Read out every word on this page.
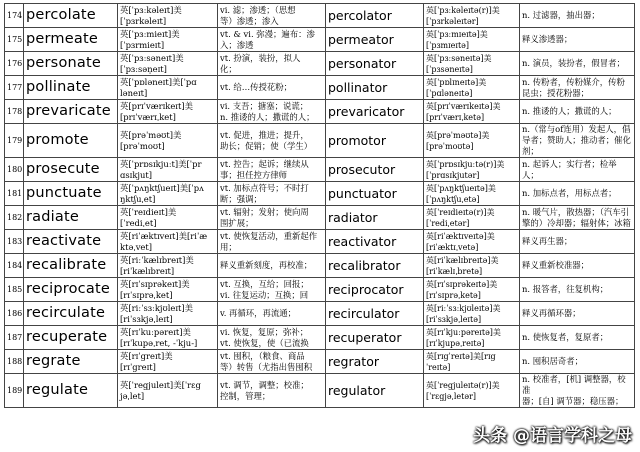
174	percolate	英[ˈpɜːkəleɪt]美
[ˈpɜrkəleɪt]	vi. 滤；渗透；（思想
等）渗透；渗入	percolator	英[ˈpɜːkəleɪtə(r)]美
[ˈpɜrkəleɪtər]	n. 过滤器，抽出器；
175	permeate	英[ˈpɜːmieɪt]美
[ˈpɜrmieɪt]	vt. & vi. 弥漫；遍布：渗
入；渗透	permeator	英[ˈpɜːmɪeɪtə]美
[ˈpɜmɪeɪtə]	释义渗透器；
176	personate	英[ˈpɜːsəneɪt]美
[ˈpɜːsən̩eɪt]	vt. 扮演，装扮，拟人
化；	personator	英[ˈpɜːsəneɪtə]美
[ˈpɜsəneɪtə]	n. 演员，装扮者，假冒者；
177	pollinate	英[ˈpɒləneɪt]美[ˈpɑ
ləneɪt]	vt. 给…传授花粉；	pollinator	英[ˈpɒlɪneɪtə]美
[ˈpɑləneɪtə]	n. 传粉者，传粉媒介，传粉
昆虫；授花粉器；
178	prevaricate	英[prɪˈværɪkeɪt]美
[prɪˈværɪˌket]	vi. 支吾；搪塞；说谎；
n. 推诿的人；撒谎的人；	prevaricator	英[prɪˈværɪkeɪtə]美
[prɪˈværɪˌketə]	n. 推诿的人；撒谎的人；
179	promote	英[prəˈməʊt]美
[prəˈmoʊt]	vt. 促进，推进；提升，
助长；促销；使（学生）	promotor	英[prəˈməʊtə]美
[prəˈmoʊtə]	n.（常与of连用）发起人，倡
导者；赞助人；推动者；催化剂；
180	prosecute	英[ˈprɒsɪkjuːt]美[ˈpr
ɑsɪkjut]	vt. 控告；起诉；继续从
事；担任控方律师	prosecutor	英[ˈprɒsɪkjuːtə(r)]美
[ˈprɑsɪkjutər]	n. 起诉人；实行者；检举人；
181	punctuate	英[ˈpʌŋktʃueɪt]美[ˈpʌ
ŋktʃuˌet]	vt. 加标点符号；不时打
断；强调；	punctuator	英[ˈpʌŋktʃueɪtə]美
[ˈpʌŋktʃuˌetə]	n. 加标点者，用标点者；
182	radiate	英[ˈreɪdieɪt]美
[ˈrediˌet]	vt. 辐射；发射；使向周
围扩展；	radiator	英[ˈreɪdieɪtə(r)]美
[ˈrediˌetər]	n. 暖气片，散热器；（汽车引
擎的）冷却器；辐射体；冰箱
183	reactivate	英[riˈæktɪveɪt]美[riˈæ
ktəˌvet]	vt. 使恢复活动，重新起作
用；	reactivator	英[riˈæktɪveɪtə]美
[riˈæktɪˌvetə]	释义再生器；
184	recalibrate	英[riːˈkælɪbreɪt]美
[riˈkælɪbreɪt]	释义重新刻度，再校准；	recalibrator	英[riˈkælɪbreɪtə]美
[riˈkælɪˌbretə]	释义重新校准器；
185	reciprocate	英[rɪˈsɪprəkeɪt]美
[rɪˈsɪprəˌket]	vt. 互换，互给；回报；
vi. 往复运动；互换；回	reciprocator	英[rɪˈsɪprəkeɪtə]美
[rɪˈsɪprəˌketə]	n. 报答者，往复机构；
186	recirculate	英[riːˈsɜːkjʊleɪt]美
[riˈsɜkjəˌleɪt]	v. 再循环，再流通；	recirculator	英[riːˈsɜːkjʊleɪtə]美
[riˈsɜkjəˌleɪtə]	释义再循环器；
187	recuperate	英[rɪˈkuːpəreɪt]美
[rɪˈkupəˌret, -ˈkju-]	vi. 恢复，复原；弥补；
vt. 使恢复，使（已流换	recuperator	英[rɪˈkjuːpəreɪtə]美
[rɪˈkjupəˌreɪtə]	n. 使恢复者，复原者；
188	regrate	英[rɪˈgreɪt]美
[rɪˈgreɪt]	vt. 囤积，（粮食、商品
等）转售（尤指出售囤积	regrator	英[rɪgˈreɪtə]美[rɪg
ˈreɪtə]	n. 囤积居奇者；
189	regulate	英[ˈregjuleɪt]美[ˈrɛg
jəˌlet]	vt. 调节，调整；校准；
控制，管理；	regulator	英[ˈregjuleɪtə(r)]美
[ˈrɛgjəˌletər]	n. 校准者，[机] 调整器，校准
器；[自] 调节器；稳压器；
头条 @语言学科之母
